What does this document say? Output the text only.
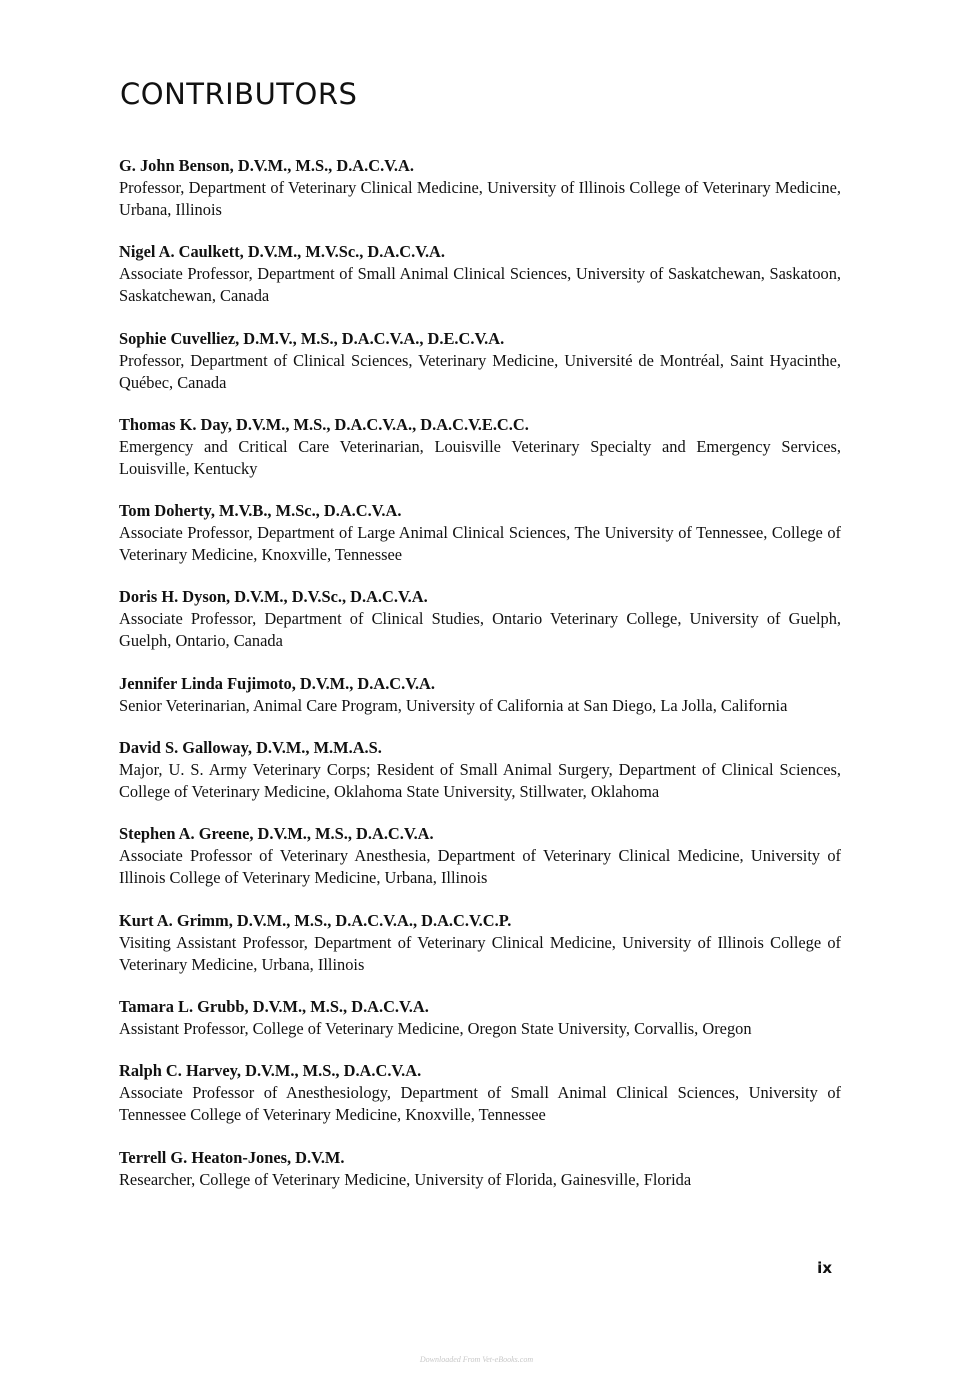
CONTRIBUTORS
G. John Benson, D.V.M., M.S., D.A.C.V.A.
Professor, Department of Veterinary Clinical Medicine, University of Illinois College of Veterinary Medicine, Urbana, Illinois
Nigel A. Caulkett, D.V.M., M.V.Sc., D.A.C.V.A.
Associate Professor, Department of Small Animal Clinical Sciences, University of Saskatchewan, Saskatoon, Saskatchewan, Canada
Sophie Cuvelliez, D.M.V., M.S., D.A.C.V.A., D.E.C.V.A.
Professor, Department of Clinical Sciences, Veterinary Medicine, Université de Montréal, Saint Hyacinthe, Québec, Canada
Thomas K. Day, D.V.M., M.S., D.A.C.V.A., D.A.C.V.E.C.C.
Emergency and Critical Care Veterinarian, Louisville Veterinary Specialty and Emergency Services, Louisville, Kentucky
Tom Doherty, M.V.B., M.Sc., D.A.C.V.A.
Associate Professor, Department of Large Animal Clinical Sciences, The University of Tennessee, College of Veterinary Medicine, Knoxville, Tennessee
Doris H. Dyson, D.V.M., D.V.Sc., D.A.C.V.A.
Associate Professor, Department of Clinical Studies, Ontario Veterinary College, University of Guelph, Guelph, Ontario, Canada
Jennifer Linda Fujimoto, D.V.M., D.A.C.V.A.
Senior Veterinarian, Animal Care Program, University of California at San Diego, La Jolla, California
David S. Galloway, D.V.M., M.M.A.S.
Major, U. S. Army Veterinary Corps; Resident of Small Animal Surgery, Department of Clinical Sciences, College of Veterinary Medicine, Oklahoma State University, Stillwater, Oklahoma
Stephen A. Greene, D.V.M., M.S., D.A.C.V.A.
Associate Professor of Veterinary Anesthesia, Department of Veterinary Clinical Medicine, University of Illinois College of Veterinary Medicine, Urbana, Illinois
Kurt A. Grimm, D.V.M., M.S., D.A.C.V.A., D.A.C.V.C.P.
Visiting Assistant Professor, Department of Veterinary Clinical Medicine, University of Illinois College of Veterinary Medicine, Urbana, Illinois
Tamara L. Grubb, D.V.M., M.S., D.A.C.V.A.
Assistant Professor, College of Veterinary Medicine, Oregon State University, Corvallis, Oregon
Ralph C. Harvey, D.V.M., M.S., D.A.C.V.A.
Associate Professor of Anesthesiology, Department of Small Animal Clinical Sciences, University of Tennessee College of Veterinary Medicine, Knoxville, Tennessee
Terrell G. Heaton-Jones, D.V.M.
Researcher, College of Veterinary Medicine, University of Florida, Gainesville, Florida
ix
Downloaded From Vet-eBooks.com
